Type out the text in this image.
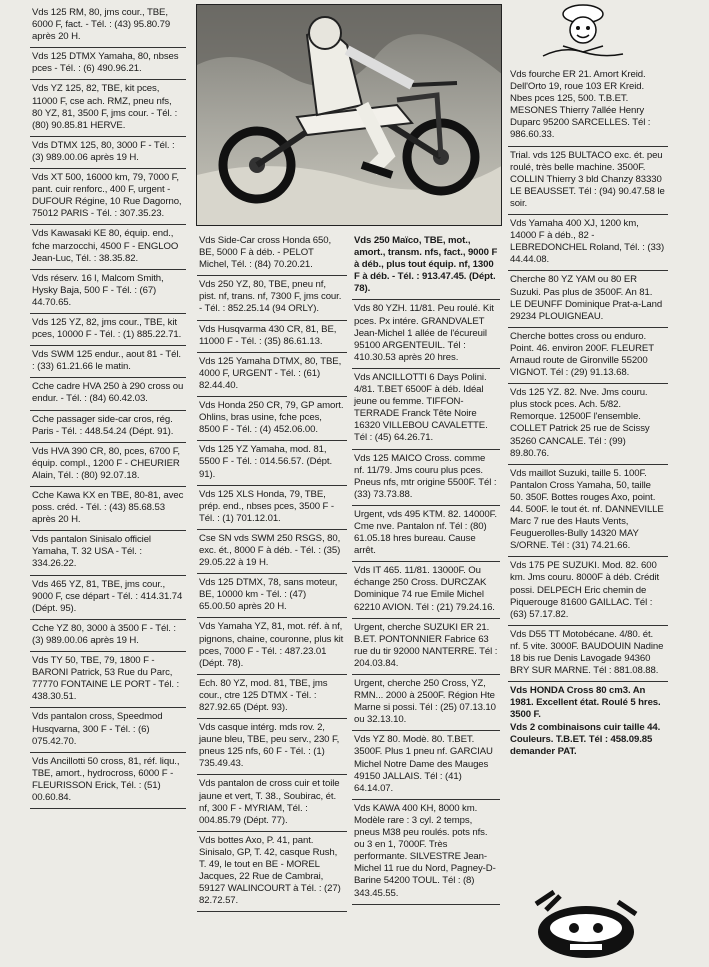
Vds 125 RM, 80, jms cour., TBE, 6000 F, fact. - Tél. : (43) 95.80.79 après 20 H.
Vds 125 DTMX Yamaha, 80, nbses pces - Tél. : (6) 490.96.21.
Vds YZ 125, 82, TBE, kit pces, 11000 F, cse ach. RMZ, pneu nfs, 80 YZ, 81, 3500 F, jms cour. - Tél. : (80) 90.85.81 HERVE.
Vds DTMX 125, 80, 3000 F - Tél. : (3) 989.00.06 après 19 H.
Vds XT 500, 16000 km, 79, 7000 F, pant. cuir renforc., 400 F, urgent - DUFOUR Régine, 10 Rue Dagorno, 75012 PARIS - Tél. : 307.35.23.
Vds Kawasaki KE 80, équip. end., fche marzocchi, 4500 F - ENGLOO Jean-Luc, Tél. : 38.35.82.
Vds réserv. 16 l, Malcom Smith, Hysky Baja, 500 F - Tél. : (67) 44.70.65.
Vds 125 YZ, 82, jms cour., TBE, kit pces, 10000 F - Tél. : (1) 885.22.71.
Vds SWM 125 endur., aout 81 - Tél. : (33) 61.21.66 le matin.
Cche cadre HVA 250 à 290 cross ou endur. - Tél. : (84) 60.42.03.
Cche passager side-car cros, rég. Paris - Tél. : 448.54.24 (Dépt. 91).
Vds HVA 390 CR, 80, pces, 6700 F, équip. compl., 1200 F - CHEURIER Alain, Tél. : (80) 92.07.18.
Cche Kawa KX en TBE, 80-81, avec poss. créd. - Tél. : (43) 85.68.53 après 20 H.
Vds pantalon Sinisalo officiel Yamaha, T. 32 USA - Tél. : 334.26.22.
Vds 465 YZ, 81, TBE, jms cour., 9000 F, cse départ - Tél. : 414.31.74 (Dépt. 95).
Cche YZ 80, 3000 à 3500 F - Tél. : (3) 989.00.06 après 19 H.
Vds TY 50, TBE, 79, 1800 F - BARONI Patrick, 53 Rue du Parc, 77770 FONTAINE LE PORT - Tél. : 438.30.51.
Vds pantalon cross, Speedmod Husqvarna, 300 F - Tél. : (6) 075.42.70.
Vds Ancillotti 50 cross, 81, réf. liqu., TBE, amort., hydrocross, 6000 F - FLEURISSON Erick, Tél. : (51) 00.60.84.
Vds Side-Car cross Honda 650, BE, 5000 F à déb. - PELOT Michel, Tél. : (84) 70.20.21.
Vds 250 YZ, 80, TBE, pneu nf, pist. nf, trans. nf, 7300 F, jms cour. - Tél. : 852.25.14 (94 ORLY).
Vds Husqvarma 430 CR, 81, BE, 11000 F - Tél. : (35) 86.61.13.
Vds 125 Yamaha DTMX, 80, TBE, 4000 F, URGENT - Tél. : (61) 82.44.40.
Vds Honda 250 CR, 79, GP amort. Ohlins, bras usine, fche pces, 8500 F - Tél. : (4) 452.06.00.
Vds 125 YZ Yamaha, mod. 81, 5500 F - Tél. : 014.56.57. (Dépt. 91).
Vds 125 XLS Honda, 79, TBE, prép. end., nbses pces, 3500 F - Tél. : (1) 701.12.01.
Cse SN vds SWM 250 RSGS, 80, exc. ét., 8000 F à déb. - Tél. : (35) 29.05.22 à 19 H.
Vds 125 DTMX, 78, sans moteur, BE, 10000 km - Tél. : (47) 65.00.50 après 20 H.
Vds Yamaha YZ, 81, mot. réf. à nf, pignons, chaine, couronne, plus kit pces, 7000 F - Tél. : 487.23.01 (Dépt. 78).
Ech. 80 YZ, mod. 81, TBE, jms cour., ctre 125 DTMX - Tél. : 827.92.65 (Dépt. 93).
Vds casque intérg. mds rov. 2, jaune bleu, TBE, peu serv., 230 F, pneus 125 nfs, 60 F - Tél. : (1) 735.49.43.
Vds pantalon de cross cuir et toile jaune et vert, T. 38., Soubirac, ét. nf, 300 F - MYRIAM, Tél. : 004.85.79 (Dépt. 77).
Vds bottes Axo, P. 41, pant. Sinisalo, GP, T. 42, casque Rush, T. 49, le tout en BE - MOREL Jacques, 22 Rue de Cambrai, 59127 WALINCOURT à Tél. : (27) 82.72.57.
Vds 250 Maïco, TBE, mot., amort., transm. nfs, fact., 9000 F à déb., plus tout équip. nf, 1300 F à déb. - Tél. : 913.47.45. (Dépt. 78).
Vds 80 YZH. 11/81. Peu roulé. Kit pces. Px intére. GRANDVALET Jean-Michel 1 allée de l'écureuil 95100 ARGENTEUIL. Tél : 410.30.53 après 20 hres.
Vds ANCILLOTTI 6 Days Polini. 4/81. T.BET 6500F à déb. Idéal jeune ou femme. TIFFON-TERRADE Franck Tête Noire 16320 VILLEBOU CAVALETTE. Tél : (45) 64.26.71.
Vds 125 MAICO Cross. comme nf. 11/79. Jms couru plus pces. Pneus nfs, mtr origine 5500F. Tél : (33) 73.73.88.
Urgent, vds 495 KTM. 82. 14000F. Cme nve. Pantalon nf. Tél : (80) 61.05.18 hres bureau. Cause arrêt.
Vds IT 465. 11/81. 13000F. Ou échange 250 Cross. DURCZAK Dominique 74 rue Emile Michel 62210 AVION. Tél : (21) 79.24.16.
Urgent, cherche SUZUKI ER 21. B.ET. PONTONNIER Fabrice 63 rue du tir 92000 NANTERRE. Tél : 204.03.84.
Urgent, cherche 250 Cross, YZ, RMN... 2000 à 2500F. Région Hte Marne si possi. Tél : (25) 07.13.10 ou 32.13.10.
Vds YZ 80. Modè. 80. T.BET. 3500F. Plus 1 pneu nf. GARCIAU Michel Notre Dame des Mauges 49150 JALLAIS. Tél : (41) 64.14.07.
Vds KAWA 400 KH, 8000 km. Modèle rare : 3 cyl. 2 temps, pneus M38 peu roulés. pots nfs. ou 3 en 1, 7000F. Très performante. SILVESTRE Jean-Michel 11 rue du Nord, Pagney-D-Barine 54200 TOUL. Tél : (8) 343.45.55.
Vds fourche ER 21. Amort Kreid. Dell'Orto 19, roue 103 ER Kreid. Nbes pces 125, 500. T.B.ET. MESONES Thierry 7allée Henry Duparc 95200 SARCELLES. Tél : 986.60.33.
Trial. vds 125 BULTACO exc. ét. peu roulé, très belle machine. 3500F. COLLIN Thierry 3 bld Chanzy 83330 LE BEAUSSET. Tél : (94) 90.47.58 le soir.
Vds Yamaha 400 XJ, 1200 km, 14000 F à déb., 82 - LEBREDONCHEL Roland, Tél. : (33) 44.44.08.
Cherche 80 YZ YAM ou 80 ER Suzuki. Pas plus de 3500F. An 81. LE DEUNFF Dominique Prat-a-Land 29234 PLOUIGNEAU.
Cherche bottes cross ou enduro. Point. 46. environ 200F. FLEURET Arnaud route de Gironville 55200 VIGNOT. Tél : (29) 91.13.68.
Vds 125 YZ. 82. Nve. Jms couru. plus stock pces. Ach. 5/82. Remorque. 12500F l'ensemble. COLLET Patrick 25 rue de Scissy 35260 CANCALE. Tél : (99) 89.80.76.
Vds maillot Suzuki, taille 5. 100F. Pantalon Cross Yamaha, 50, taille 50. 350F. Bottes rouges Axo, point. 44. 500F. le tout ét. nf. DANNEVILLE Marc 7 rue des Hauts Vents, Feuguerolles-Bully 14320 MAY S/ORNE. Tél : (31) 74.21.66.
Vds 175 PE SUZUKI. Mod. 82. 600 km. Jms couru. 8000F à déb. Crédit possi. DELPECH Eric chemin de Piquerouge 81600 GAILLAC. Tél : (63) 57.17.82.
Vds D55 TT Motobécane. 4/80. ét. nf. 5 vite. 3000F. BAUDOUIN Nadine 18 bis rue Denis Lavogade 94360 BRY SUR MARNE. Tél : 881.08.88.
Vds HONDA Cross 80 cm3. An 1981. Excellent état. Roulé 5 hres. 3500 F.
Vds 2 combinaisons cuir taille 44. Couleurs. T.B.ET. Tél : 458.09.85 demander PAT.
